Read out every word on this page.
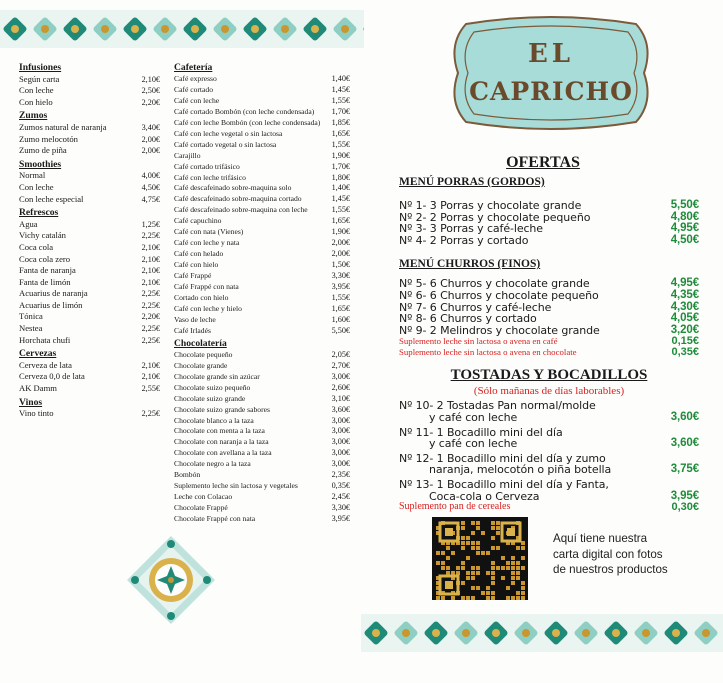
Infusiones
Según carta	2,10€
Con leche	2,50€
Con hielo	2,20€
Zumos
Zumos natural de naranja	3,40€
Zumo melocotón	2,00€
Zumo de piña	2,00€
Smoothies
Normal	4,00€
Con leche	4,50€
Con leche especial	4,75€
Refrescos
Agua	1,25€
Vichy catalán	2,25€
Coca cola	2,10€
Coca cola zero	2,10€
Fanta de naranja	2,10€
Fanta de limón	2,10€
Acuarius de naranja	2,25€
Acuarius de limón	2,25€
Tónica	2,20€
Nestea	2,25€
Horchata chufi	2,25€
Cervezas
Cerveza de lata	2,10€
Cerveza 0,0 de lata	2,10€
AK Damm	2,55€
Vinos
Vino tinto	2,25€
Cafetería
Café expresso	1,40€
Café cortado	1,45€
Café con leche	1,55€
Café cortado Bombón (con leche condensada) 1,70€
Café con leche Bombón (con leche condensada) 1,85€
Café con leche vegetal o sin lactosa	1,65€
Café cortado vegetal o sin lactosa	1,55€
Carajillo	1,90€
Café cortado trifásico	1,70€
Café con leche trifásico	1,80€
Café descafeinado sobre-maquina solo	1,40€
Café descafeinado sobre-maquina cortado	1,45€
Café descafeinado sobre-maquina con leche	1,55€
Café capuchino	1,65€
Café con nata (Vienes)	1,90€
Café con leche y nata	2,00€
Café con helado	2,00€
Café con hielo	1,50€
Café Frappé	3,30€
Café Frappé con nata	3,95€
Cortado con hielo	1,55€
Café con leche y hielo	1,65€
Vaso de leche	1,60€
Café Irladés	5,50€
Chocolatería
Chocolate pequeño	2,05€
Chocolate grande	2,70€
Chocolate grande sin azúcar	3,00€
Chocolate suizo pequeño	2,60€
Chocolate suizo grande	3,10€
Chocolate suizo grande sabores	3,60€
Chocolate blanco a la taza	3,00€
Chocolate con menta a la taza	3,00€
Chocolate con naranja a la taza	3,00€
Chocolate con avellana a la taza	3,00€
Chocolate negro a la taza	3,00€
Bombón	2,35€
Suplemento leche sin lactosa y vegetales	0,35€
Leche con Colacao	2,45€
Chocolate Frappé	3,30€
Chocolate Frappé con nata	3,95€
EL
CAPRICHO
OFERTAS
MENÚ PORRAS (GORDOS)
Nº 1- 3 Porras y chocolate grande	5,50€
Nº 2- 2 Porras y chocolate pequeño	4,80€
Nº 3- 3 Porras y café-leche	4,95€
Nº 4- 2 Porras y cortado	4,50€
MENÚ CHURROS (FINOS)
Nº 5- 6 Churros y chocolate grande	4,95€
Nº 6- 6 Churros y chocolate pequeño	4,35€
Nº 7- 6 Churros y café-leche	4,30€
Nº 8- 6 Churros y cortado	4,05€
Nº 9- 2 Melindros y chocolate grande	3,20€
Suplemento leche sin lactosa o avena en café	0,15€
Suplemento leche sin lactosa o avena en chocolate	0,35€
TOSTADAS Y BOCADILLOS
(Sólo mañanas de días laborables)
Nº 10- 2 Tostadas Pan normal/molde
y café con leche	3,60€
Nº 11- 1 Bocadillo mini del día
y café con leche	3,60€
Nº 12- 1 Bocadillo mini del día y zumo
naranja, melocotón o piña botella	3,75€
Nº 13- 1 Bocadillo mini del día y Fanta,
Coca-cola o Cerveza	3,95€
Suplemento pan de cereales	0,30€
Aquí tiene nuestra
carta digital con fotos
de nuestros productos
